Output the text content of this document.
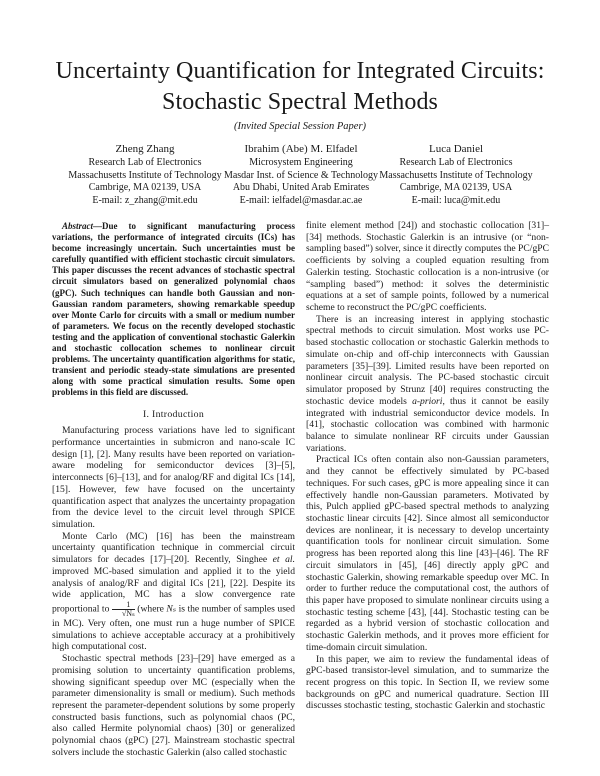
Uncertainty Quantification for Integrated Circuits:
Stochastic Spectral Methods
(Invited Special Session Paper)
Zheng Zhang
Research Lab of Electronics
Massachusetts Institute of Technology
Cambrige, MA 02139, USA
E-mail: z_zhang@mit.edu
Ibrahim (Abe) M. Elfadel
Microsystem Engineering
Masdar Inst. of Science & Technology
Abu Dhabi, United Arab Emirates
E-mail: ielfadel@masdar.ac.ae
Luca Daniel
Research Lab of Electronics
Massachusetts Institute of Technology
Cambrige, MA 02139, USA
E-mail: luca@mit.edu

Abstract—Due to significant manufacturing process variations, the performance of integrated circuits (ICs) has become increasingly uncertain. Such uncertainties must be carefully quantified with efficient stochastic circuit simulators. This paper discusses the recent advances of stochastic spectral circuit simulators based on generalized polynomial chaos (gPC). Such techniques can handle both Gaussian and non-Gaussian random parameters, showing remarkable speedup over Monte Carlo for circuits with a small or medium number of parameters. We focus on the recently developed stochastic testing and the application of conventional stochastic Galerkin and stochastic collocation schemes to nonlinear circuit problems. The uncertainty quantification algorithms for static, transient and periodic steady-state simulations are presented along with some practical simulation results. Some open problems in this field are discussed.

I. Introduction

Manufacturing process variations have led to significant performance uncertainties in submicron and nano-scale IC design [1], [2]. Many results have been reported on variation-aware modeling for semiconductor devices [3]–[5], interconnects [6]–[13], and for analog/RF and digital ICs [14], [15]. However, few have focused on the uncertainty quantification aspect that analyzes the uncertainty propagation from the device level to the circuit level through SPICE simulation.

Monte Carlo (MC) [16] has been the mainstream uncertainty quantification technique in commercial circuit simulators for decades [17]–[20]. Recently, Singhee et al. improved MC-based simulation and applied it to the yield analysis of analog/RF and digital ICs [21], [22]. Despite its wide application, MC has a slow convergence rate proportional to $\frac{1}{\text{√Nₛ}}$ (where Nₛ is the number of samples used in MC). Very often, one must run a huge number of SPICE simulations to achieve acceptable accuracy at a prohibitively high computational cost.

Stochastic spectral methods [23]–[29] have emerged as a promising solution to uncertainty quantification problems, showing significant speedup over MC (especially when the parameter dimensionality is small or medium). Such methods represent the parameter-dependent solutions by some properly constructed basis functions, such as polynomial chaos (PC, also called Hermite polynomial chaos) [30] or generalized polynomial chaos (gPC) [27]. Mainstream stochastic spectral solvers include the stochastic Galerkin (also called stochastic

finite element method [24]) and stochastic collocation [31]–[34] methods. Stochastic Galerkin is an intrusive (or “non-sampling based”) solver, since it directly computes the PC/gPC coefficients by solving a coupled equation resulting from Galerkin testing. Stochastic collocation is a non-intrusive (or “sampling based”) method: it solves the deterministic equations at a set of sample points, followed by a numerical scheme to reconstruct the PC/gPC coefficients.

There is an increasing interest in applying stochastic spectral methods to circuit simulation. Most works use PC-based stochastic collocation or stochastic Galerkin methods to simulate on-chip and off-chip interconnects with Gaussian parameters [35]–[39]. Limited results have been reported on nonlinear circuit analysis. The PC-based stochastic circuit simulator proposed by Strunz [40] requires constructing the stochastic device models a-priori, thus it cannot be easily integrated with industrial semiconductor device models. In [41], stochastic collocation was combined with harmonic balance to simulate nonlinear RF circuits under Gaussian variations.

Practical ICs often contain also non-Gaussian parameters, and they cannot be effectively simulated by PC-based techniques. For such cases, gPC is more appealing since it can effectively handle non-Gaussian parameters. Motivated by this, Pulch applied gPC-based spectral methods to analyzing stochastic linear circuits [42]. Since almost all semiconductor devices are nonlinear, it is necessary to develop uncertainty quantification tools for nonlinear circuit simulation. Some progress has been reported along this line [43]–[46]. The RF circuit simulators in [45], [46] directly apply gPC and stochastic Galerkin, showing remarkable speedup over MC. In order to further reduce the computational cost, the authors of this paper have proposed to simulate nonlinear circuits using a stochastic testing scheme [43], [44]. Stochastic testing can be regarded as a hybrid version of stochastic collocation and stochastic Galerkin methods, and it proves more efficient for time-domain circuit simulation.

In this paper, we aim to review the fundamental ideas of gPC-based transistor-level simulation, and to summarize the recent progress on this topic. In Section II, we review some backgrounds on gPC and numerical quadrature. Section III discusses stochastic testing, stochastic Galerkin and stochastic
